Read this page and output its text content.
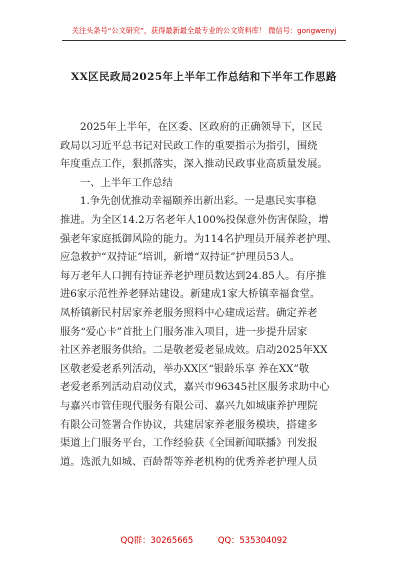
关注头条号“公文研究”，获得最新最全最专业的公文资料库！ 微信号：gongwenyj
XX区民政局2025年上半年工作总结和下半年工作思路
2025年上半年，在区委、区政府的正确领导下，区民
政局以习近平总书记对民政工作的重要指示为指引，围绕
年度重点工作，狠抓落实，深入推动民政事业高质量发展。
一、上半年工作总结
1.争先创优推动幸福颐养出新出彩。一是惠民实事稳
推进。为全区14.2万名老年人100%投保意外伤害保险，增
强老年家庭抵御风险的能力。为114名护理员开展养老护理、
应急救护“双持证”培训，新增“双持证”护理员53人。
每万老年人口拥有持证养老护理员数达到24.85人。有序推
进6家示范性养老驿站建设。新建成1家大桥镇幸福食堂。
凤桥镇新民村居家养老服务照料中心建成运营。确定养老
服务“爱心卡”首批上门服务准入项目，进一步提升居家
社区养老服务供给。二是敬老爱老显成效。启动2025年XX
区敬老爱老系列活动，举办XX区“银龄乐享 养在XX”敬
老爱老系列活动启动仪式，嘉兴市96345社区服务求助中心
与嘉兴市管佳现代服务有限公司、嘉兴九如城康养护理院
有限公司签署合作协议，共建居家养老服务模块，搭建多
渠道上门服务平台，工作经验获《全国新闻联播》刊发报
道。选派九如城、百龄帮等养老机构的优秀养老护理人员
QQ群：30265665	QQ：535304092
